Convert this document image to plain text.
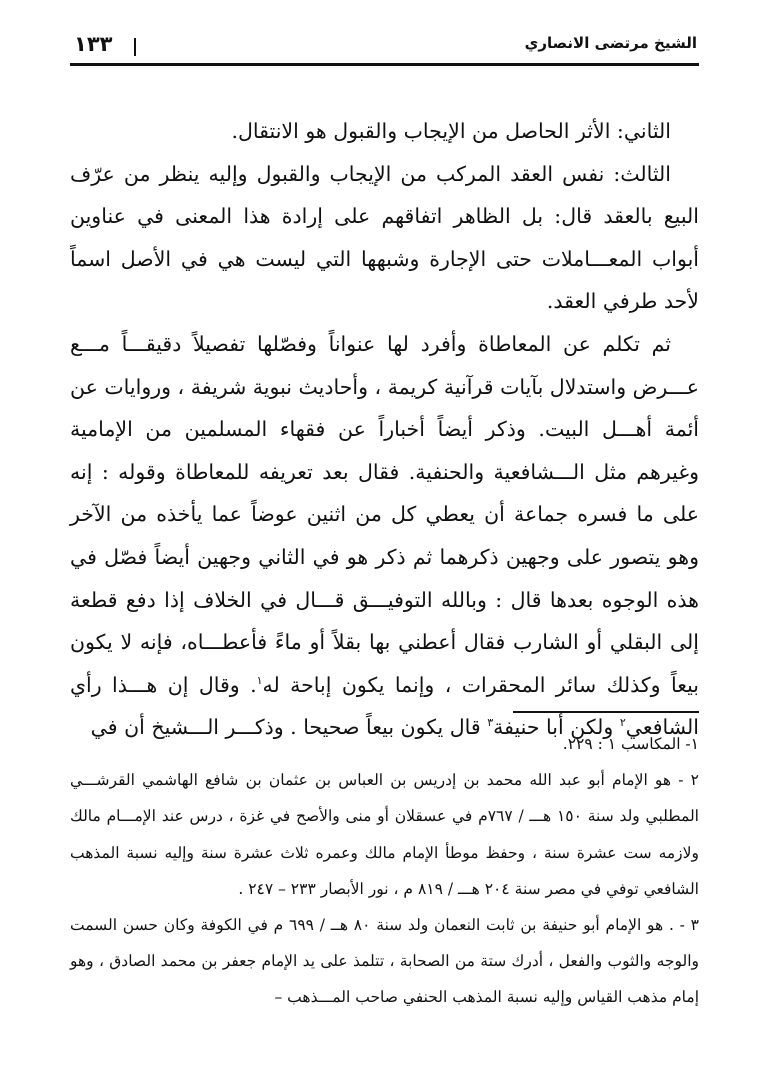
١٣٣	الشيخ مرتضى الانصاري

الثاني: الأثر الحاصل من الإيجاب والقبول هو الانتقال.

الثالث: نفس العقد المركب من الإيجاب والقبول وإليه ينظر من عرّف البيع بالعقد قال: بل الظاهر اتفاقهم على إرادة هذا المعنى في عناوين أبواب المعـــاملات حتى الإجارة وشبهها التي ليست هي في الأصل اسماً لأحد طرفي العقد.

ثم تكلم عن المعاطاة وأفرد لها عنواناً وفصّلها تفصيلاً دقيقـــاً مـــع عـــرض واستدلال بآيات قرآنية كريمة ، وأحاديث نبوية شريفة ، وروايات عن أئمة أهـــل البيت. وذكر أيضاً أخباراً عن فقهاء المسلمين من الإمامية وغيرهم مثل الـــشافعية والحنفية. فقال بعد تعريفه للمعاطاة وقوله : إنه على ما فسره جماعة أن يعطي كل من اثنين عوضاً عما يأخذه من الآخر وهو يتصور على وجهين ذكرهما ثم ذكر هو في الثاني وجهين أيضاً فصّل في هذه الوجوه بعدها قال : وبالله التوفيـــق قـــال في الخلاف إذا دفع قطعة إلى البقلي أو الشارب فقال أعطني بها بقلاً أو ماءً فأعطـــاه، فإنه لا يكون بيعاً وكذلك سائر المحقرات ، وإنما يكون إباحة له$^١$. وقال إن هـــذا رأي الشافعي$^٢$ ولكن أبا حنيفة$^٣$ قال يكون بيعاً صحيحا . وذكـــر الـــشيخ أن في

١- المكاسب ١ : ٢٢٩.

٢ - هو الإمام أبو عبد الله محمد بن إدريس بن العباس بن عثمان بن شافع الهاشمي القرشـــي المطلبي ولد سنة ١٥٠ هـــ / ٧٦٧م في عسقلان أو منى والأصح في غزة ، درس عند الإمـــام مالك ولازمه ست عشرة سنة ، وحفظ موطأ الإمام مالك وعمره ثلاث عشرة سنة وإليه نسبة المذهب الشافعي توفي في مصر سنة ٢٠٤ هـــ / ٨١٩ م ، نور الأبصار ٢٣٣ – ٢٤٧ .

٣ - . هو الإمام أبو حنيفة بن ثابت النعمان ولد سنة ٨٠ هــ / ٦٩٩ م في الكوفة وكان حسن السمت والوجه والثوب والفعل ، أدرك ستة من الصحابة ، تتلمذ على يد الإمام جعفر بن محمد الصادق ، وهو إمام مذهب القياس وإليه نسبة المذهب الحنفي صاحب المـــذهب –
